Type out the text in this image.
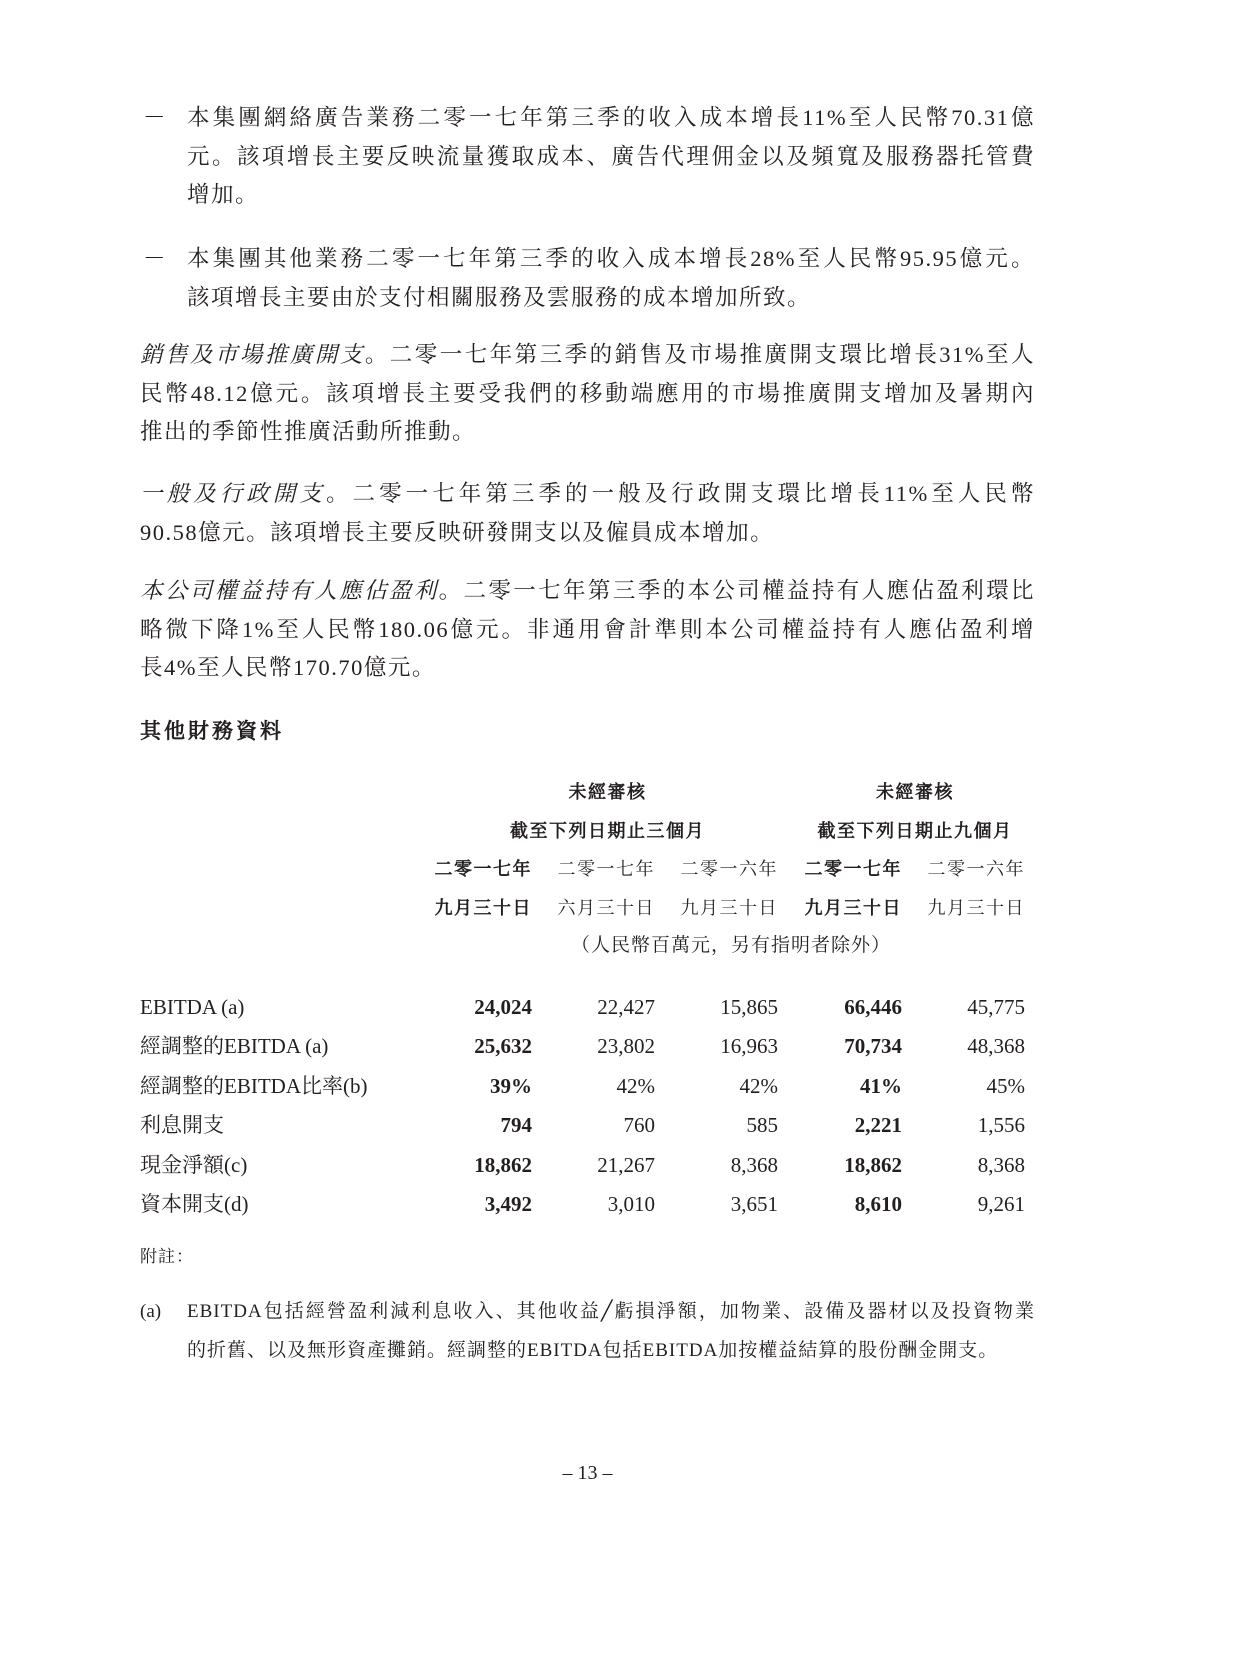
－ 本集團網絡廣告業務二零一七年第三季的收入成本增長11%至人民幣70.31億
元。該項增長主要反映流量獲取成本、廣告代理佣金以及頻寬及服務器托管費
增加。
－ 本集團其他業務二零一七年第三季的收入成本增長28%至人民幣95.95億元。
該項增長主要由於支付相關服務及雲服務的成本增加所致。
銷售及市場推廣開支。二零一七年第三季的銷售及市場推廣開支環比增長31%至人
民幣48.12億元。該項增長主要受我們的移動端應用的市場推廣開支增加及暑期內
推出的季節性推廣活動所推動。
一般及行政開支。二零一七年第三季的一般及行政開支環比增長11%至人民幣
90.58億元。該項增長主要反映研發開支以及僱員成本增加。
本公司權益持有人應佔盈利。二零一七年第三季的本公司權益持有人應佔盈利環比
略微下降1%至人民幣180.06億元。非通用會計準則本公司權益持有人應佔盈利增
長4%至人民幣170.70億元。
其他財務資料
未經審核	未經審核
截至下列日期止三個月	截至下列日期止九個月
二零一七年	二零一七年	二零一六年	二零一七年	二零一六年
九月三十日	六月三十日	九月三十日	九月三十日	九月三十日
（人民幣百萬元，另有指明者除外）
EBITDA (a)	24,024	22,427	15,865	66,446	45,775
經調整的EBITDA (a)	25,632	23,802	16,963	70,734	48,368
經調整的EBITDA比率(b)	39%	42%	42%	41%	45%
利息開支	794	760	585	2,221	1,556
現金淨額(c)	18,862	21,267	8,368	18,862	8,368
資本開支(d)	3,492	3,010	3,651	8,610	9,261
附註：
(a)	EBITDA包括經營盈利減利息收入、其他收益╱虧損淨額，加物業、設備及器材以及投資物業
的折舊、以及無形資產攤銷。經調整的EBITDA包括EBITDA加按權益結算的股份酬金開支。
– 13 –
